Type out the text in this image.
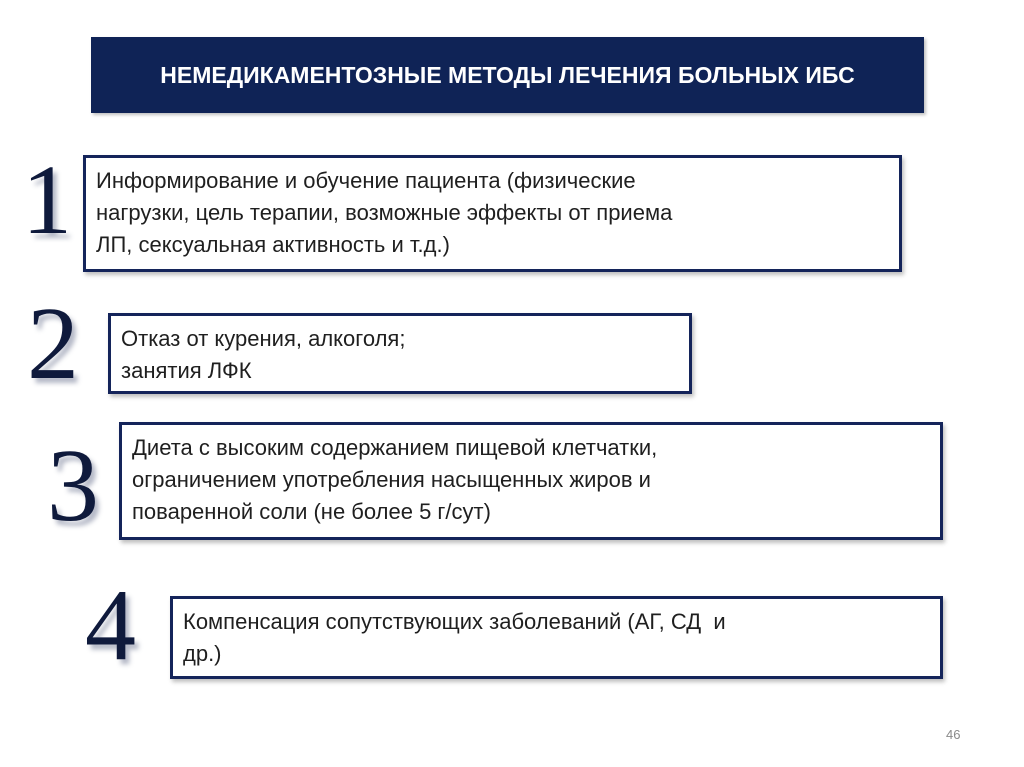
НЕМЕДИКАМЕНТОЗНЫЕ МЕТОДЫ ЛЕЧЕНИЯ БОЛЬНЫХ ИБС
1 Информирование и обучение пациента (физические

нагрузки, цель терапии, возможные эффекты от приема

ЛП, сексуальная активность и т.д.)

2 Отказ от курения, алкоголя;

занятия ЛФК

3 Диета с высоким содержанием пищевой клетчатки,

ограничением употребления насыщенных жиров и

поваренной соли (не более 5 г/сут)

4 Компенсация сопутствующих заболеваний (АГ, СД  и

др.)

46
